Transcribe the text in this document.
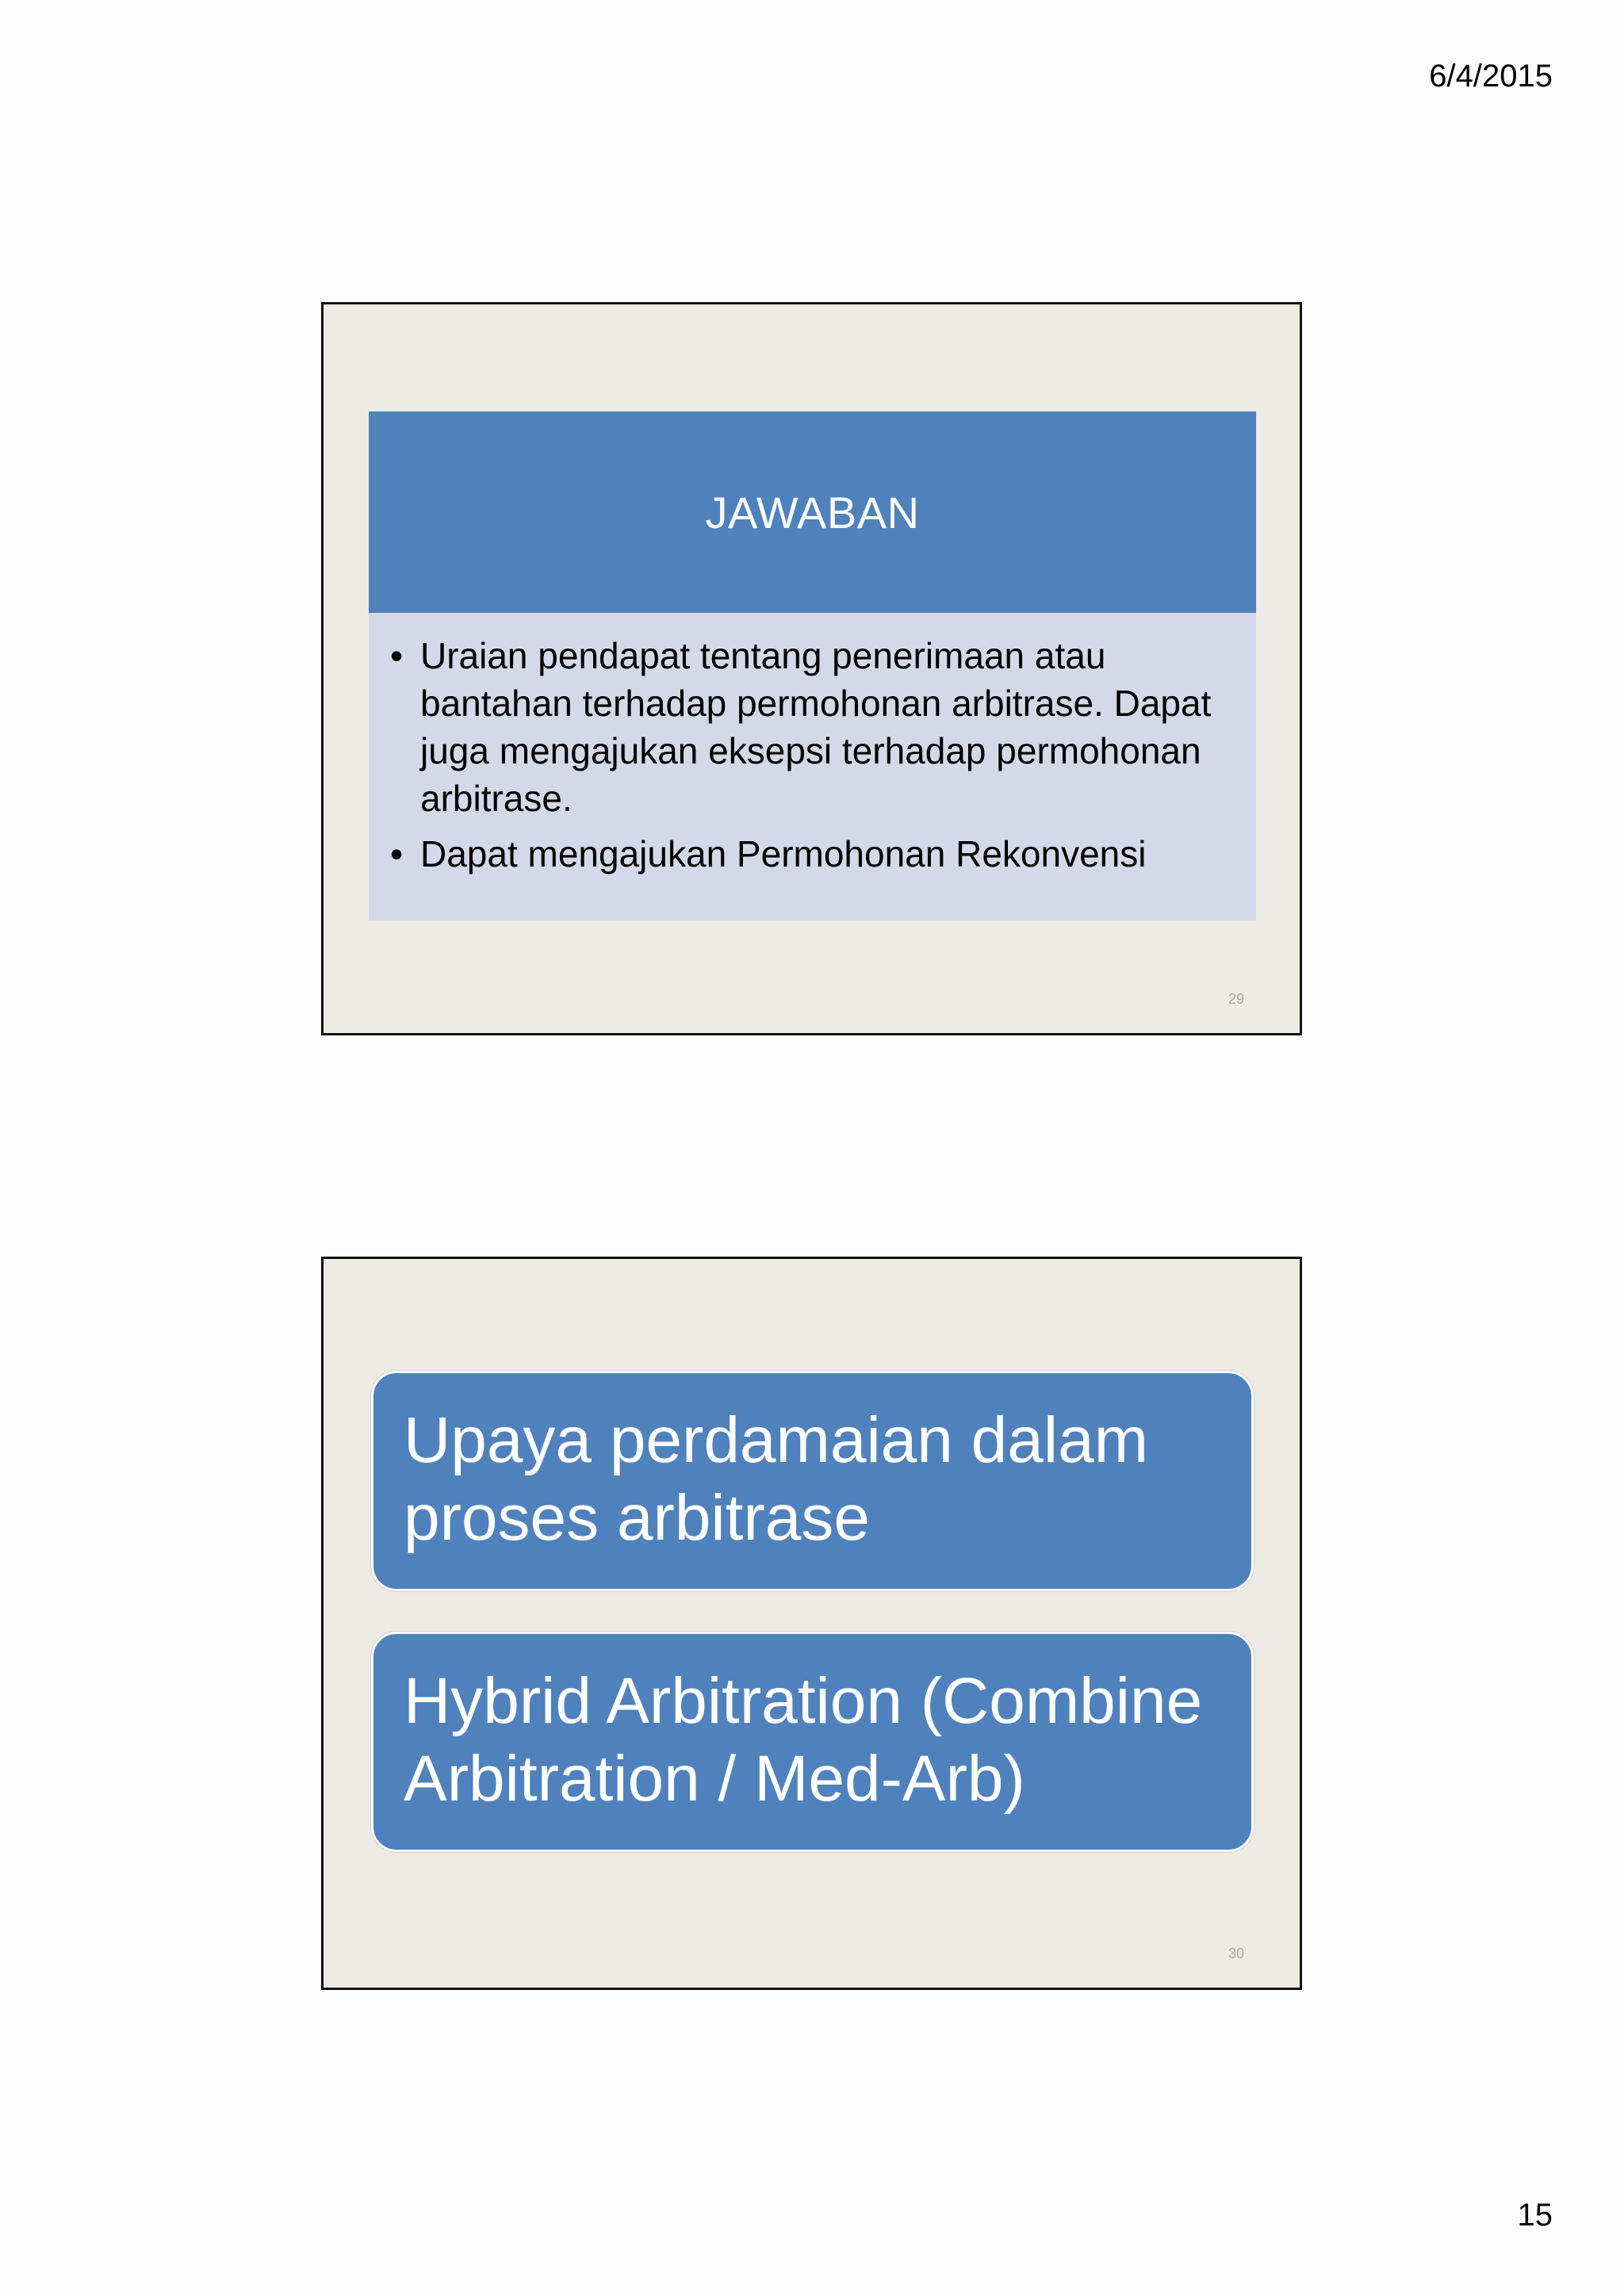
6/4/2015
JAWABAN
• Uraian pendapat tentang penerimaan atau bantahan terhadap permohonan arbitrase. Dapat juga mengajukan eksepsi terhadap permohonan arbitrase.
• Dapat mengajukan Permohonan Rekonvensi
29
Upaya perdamaian dalam proses arbitrase
Hybrid Arbitration (Combine Arbitration / Med-Arb)
30
15
